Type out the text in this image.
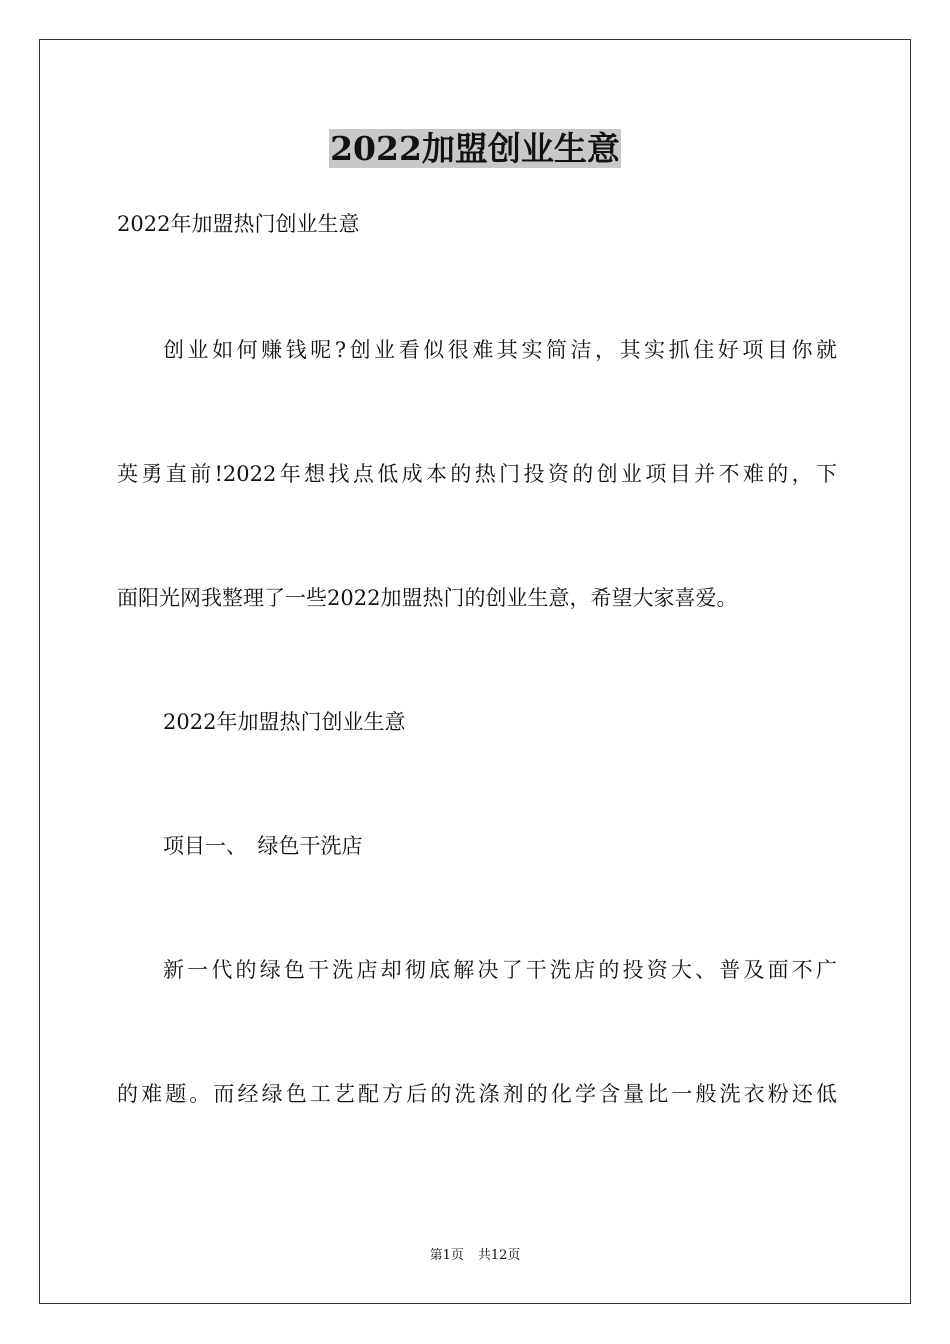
2022加盟创业生意
2022年加盟热门创业生意
创业如何赚钱呢?创业看似很难其实简洁，其实抓住好项目你就
英勇直前!2022年想找点低成本的热门投资的创业项目并不难的，下
面阳光网我整理了一些2022加盟热门的创业生意，希望大家喜爱。
2022年加盟热门创业生意
项目一、　绿色干洗店
新一代的绿色干洗店却彻底解决了干洗店的投资大、普及面不广
的难题。而经绿色工艺配方后的洗涤剂的化学含量比一般洗衣粉还低
第1页 共12页
